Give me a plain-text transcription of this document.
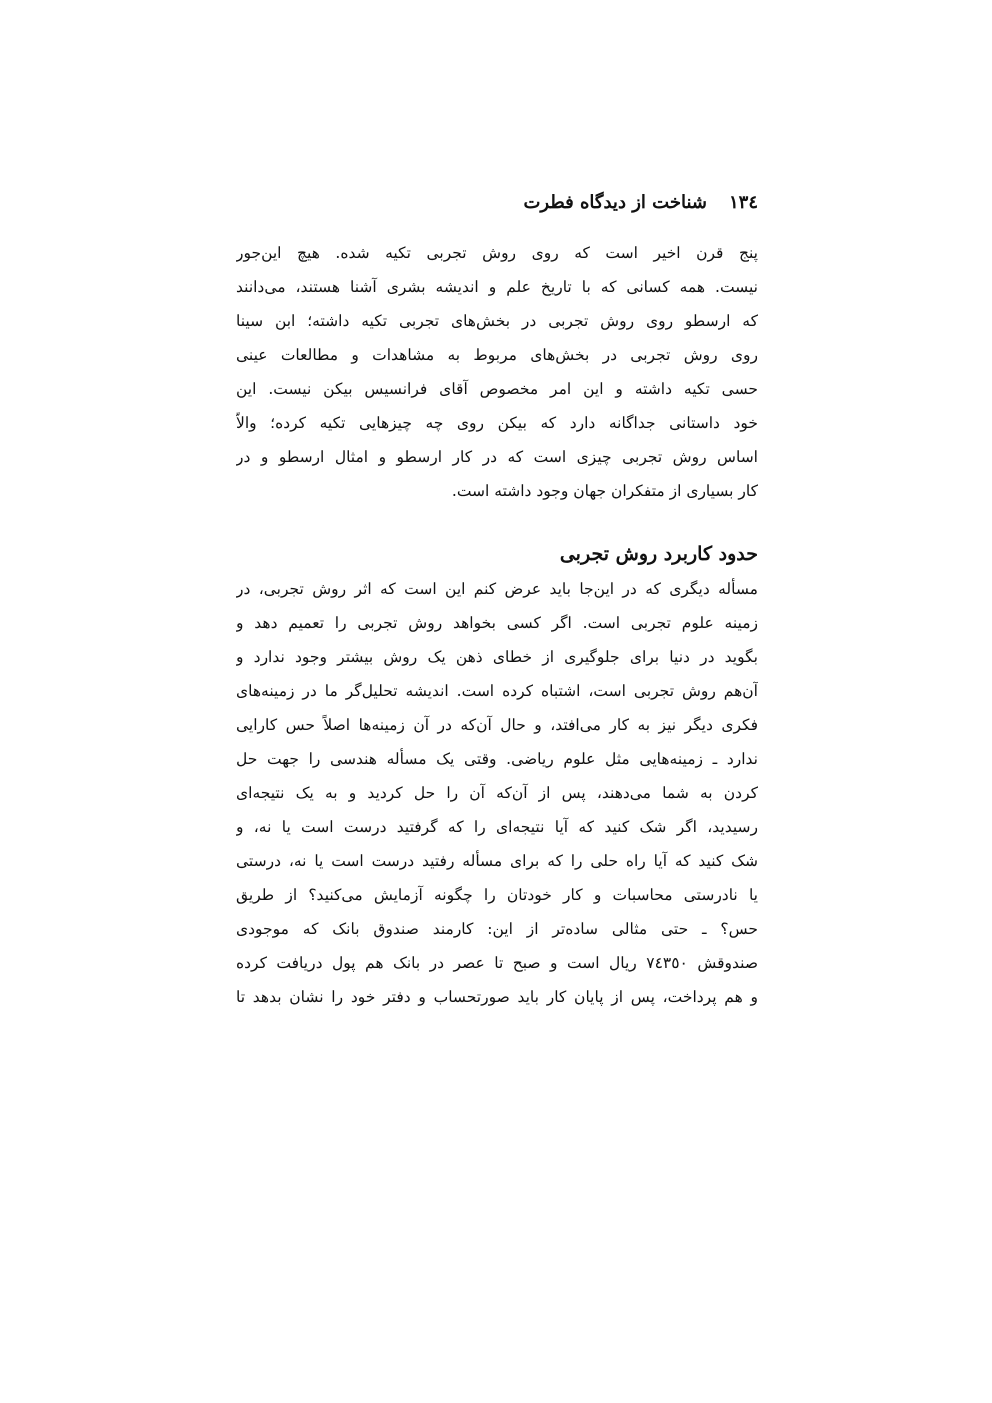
١٣٤شناخت از دیدگاه فطرت
پنج قرن اخیر است که روی روش تجربی تکیه شده. هیچ این‌جور
نیست. همه کسانی که با تاریخ علم و اندیشه بشری آشنا هستند، می‌دانند
که ارسطو روی روش تجربی در بخش‌های تجربی تکیه داشته؛ ابن سینا
روی روش تجربی در بخش‌های مربوط به مشاهدات و مطالعات عینی
حسی تکیه داشته و این امر مخصوص آقای فرانسیس بیکن نیست. این
خود داستانی جداگانه دارد که بیکن روی چه چیزهایی تکیه کرده؛ والاّ
اساس روش تجربی چیزی است که در کار ارسطو و امثال ارسطو و در
کار بسیاری از متفکران جهان وجود داشته است.
حدود کاربرد روش تجربی
مسأله دیگری که در این‌جا باید عرض کنم این است که اثر روش تجربی، در
زمینه علوم تجربی است. اگر کسی بخواهد روش تجربی را تعمیم دهد و
بگوید در دنیا برای جلوگیری از خطای ذهن یک روش بیشتر وجود ندارد و
آن‌هم روش تجربی است، اشتباه کرده است. اندیشه تحلیل‌گر ما در زمینه‌های
فکری دیگر نیز به کار می‌افتد، و حال آن‌که در آن زمینه‌ها اصلاً حس کارایی
ندارد ـ زمینه‌هایی مثل علوم ریاضی. وقتی یک مسأله هندسی را جهت حل
کردن به شما می‌دهند، پس از آن‌که آن را حل کردید و به یک نتیجه‌ای
رسیدید، اگر شک کنید که آیا نتیجه‌ای را که گرفتید درست است یا نه، و
شک کنید که آیا راه حلی را که برای مسأله رفتید درست است یا نه، درستی
یا نادرستی محاسبات و کار خودتان را چگونه آزمایش می‌کنید؟ از طریق
حس؟ ـ حتی مثالی ساده‌تر از این: کارمند صندوق بانک که موجودی
صندوقش ٧٤٣٥٠ ریال است و صبح تا عصر در بانک هم پول دریافت کرده
و هم پرداخت، پس از پایان کار باید صورتحساب و دفتر خود را نشان بدهد تا
